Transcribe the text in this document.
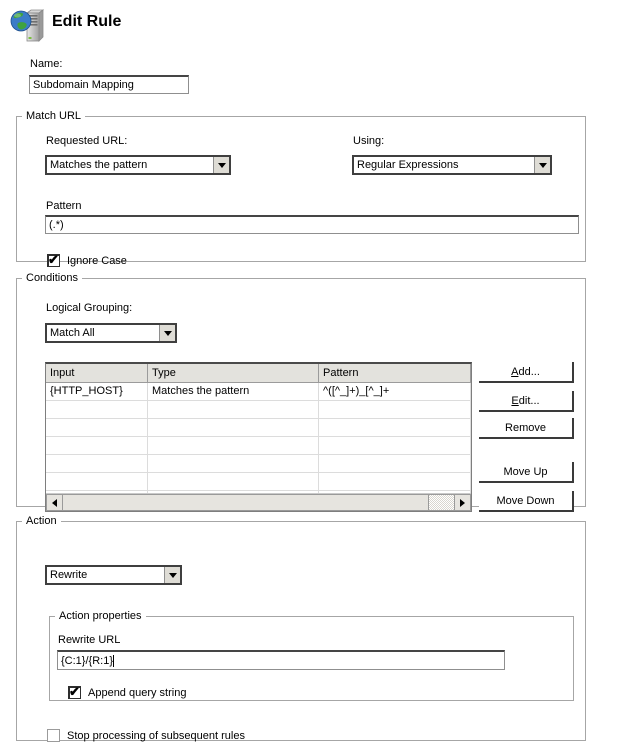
Edit Rule
Name:
Subdomain Mapping
Match URL
Requested URL:
Matches the pattern
Using:
Regular Expressions
Pattern
(.*)
✔
Ignore Case
Conditions
Logical Grouping:
Match All
Input	Type	Pattern
{HTTP_HOST}	Matches the pattern	^([^_]+)_[^_]+
A dd...
E dit...
Remove
Move Up
Move Down
Action
Rewrite
Action properties
Rewrite URL
{C:1}/{R:1}
✔
Append query string
Stop processing of subsequent rules
